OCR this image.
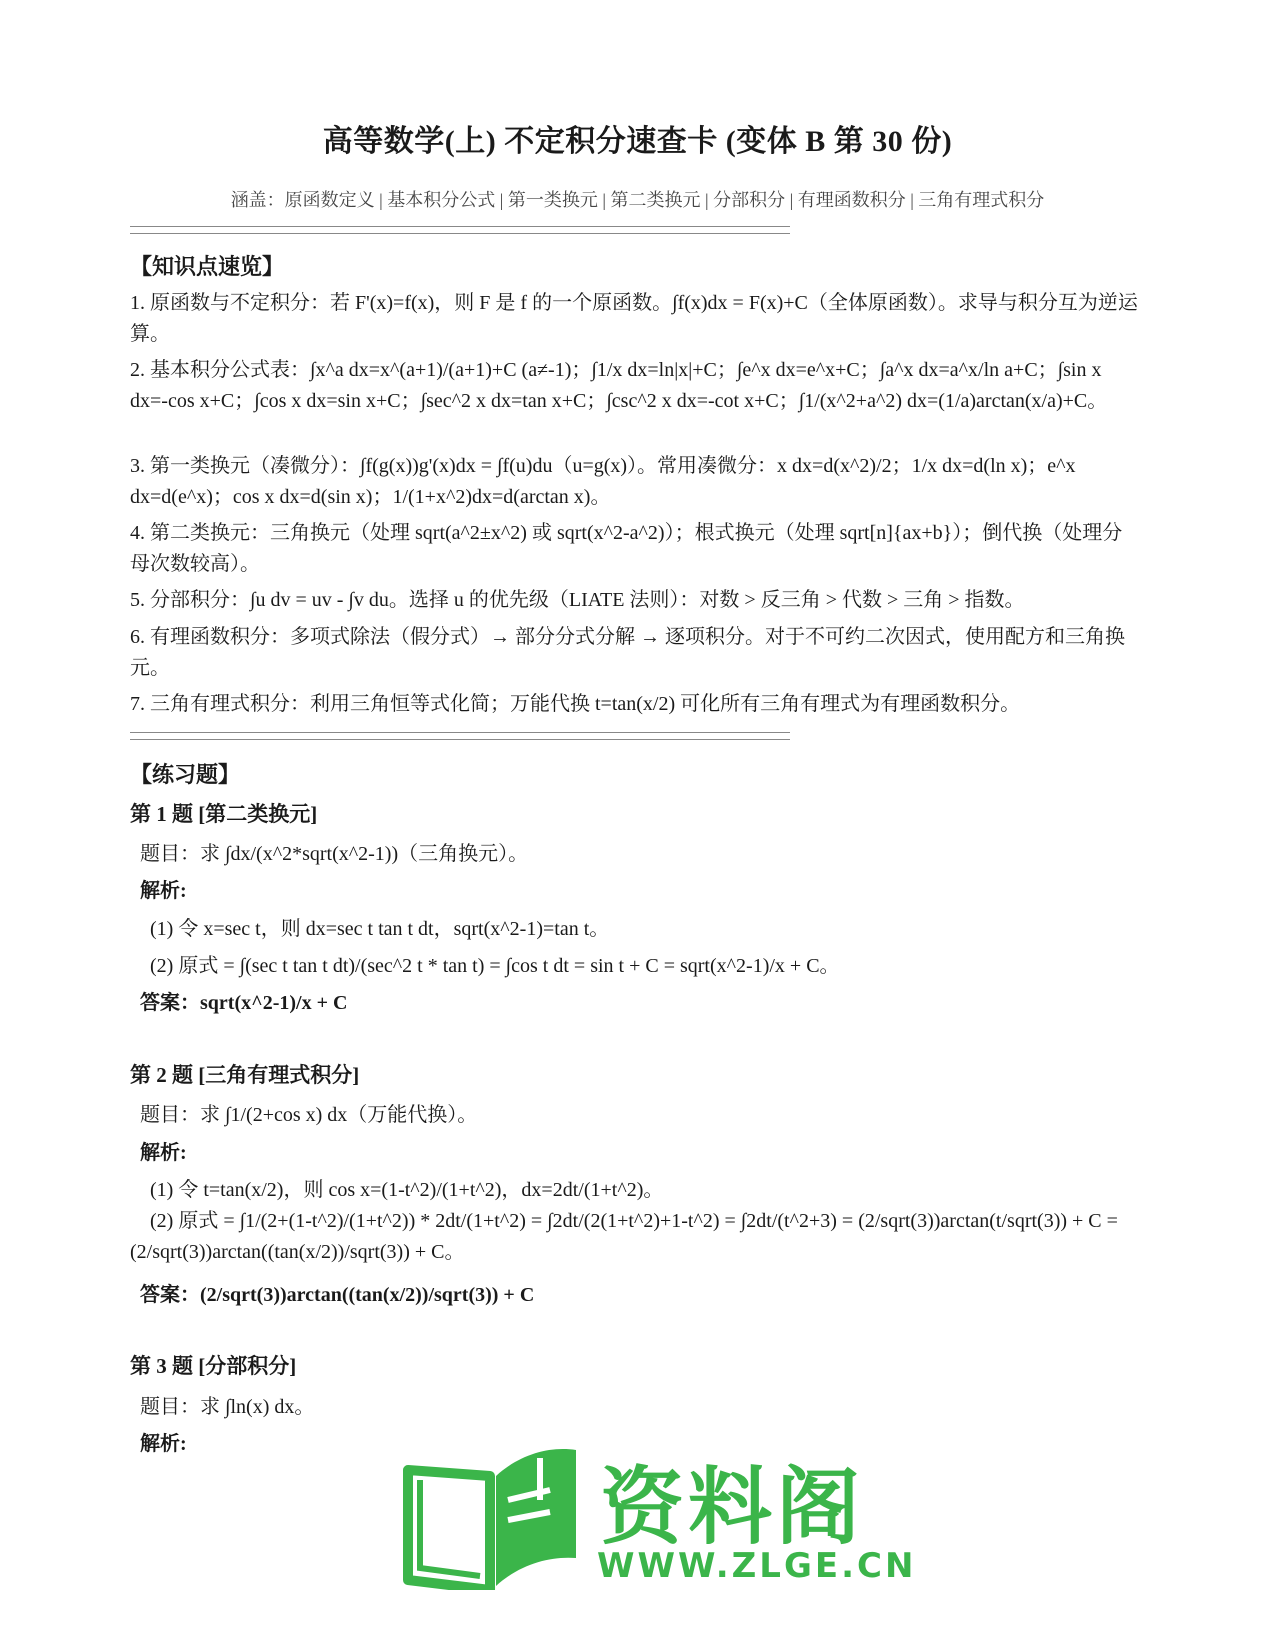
高等数学(上) 不定积分速查卡 (变体 B 第 30 份)
涵盖：原函数定义 | 基本积分公式 | 第一类换元 | 第二类换元 | 分部积分 | 有理函数积分 | 三角有理式积分
【知识点速览】
1. 原函数与不定积分：若 F'(x)=f(x)，则 F 是 f 的一个原函数。∫f(x)dx = F(x)+C（全体原函数）。求导与积分互为逆运算。
2. 基本积分公式表：∫x^a dx=x^(a+1)/(a+1)+C (a≠-1)；∫1/x dx=ln|x|+C；∫e^x dx=e^x+C；∫a^x dx=a^x/ln a+C；∫sin x dx=-cos x+C；∫cos x dx=sin x+C；∫sec^2 x dx=tan x+C；∫csc^2 x dx=-cot x+C；∫1/(x^2+a^2) dx=(1/a)arctan(x/a)+C。
3. 第一类换元（凑微分）：∫f(g(x))g'(x)dx = ∫f(u)du（u=g(x)）。常用凑微分：x dx=d(x^2)/2；1/x dx=d(ln x)；e^x dx=d(e^x)；cos x dx=d(sin x)；1/(1+x^2)dx=d(arctan x)。
4. 第二类换元：三角换元（处理 sqrt(a^2±x^2) 或 sqrt(x^2-a^2)）；根式换元（处理 sqrt[n]{ax+b}）；倒代换（处理分母次数较高）。
5. 分部积分：∫u dv = uv - ∫v du。选择 u 的优先级（LIATE 法则）：对数 > 反三角 > 代数 > 三角 > 指数。
6. 有理函数积分：多项式除法（假分式）→ 部分分式分解 → 逐项积分。对于不可约二次因式，使用配方和三角换元。
7. 三角有理式积分：利用三角恒等式化简；万能代换 t=tan(x/2) 可化所有三角有理式为有理函数积分。
【练习题】
第 1 题 [第二类换元]
题目：求 ∫dx/(x^2*sqrt(x^2-1))（三角换元）。
解析:
(1) 令 x=sec t，则 dx=sec t tan t dt，sqrt(x^2-1)=tan t。
(2) 原式 = ∫(sec t tan t dt)/(sec^2 t * tan t) = ∫cos t dt = sin t + C = sqrt(x^2-1)/x + C。
答案：sqrt(x^2-1)/x + C
第 2 题 [三角有理式积分]
题目：求 ∫1/(2+cos x) dx（万能代换）。
解析:
(1) 令 t=tan(x/2)，则 cos x=(1-t^2)/(1+t^2)，dx=2dt/(1+t^2)。
(2) 原式 = ∫1/(2+(1-t^2)/(1+t^2)) * 2dt/(1+t^2) = ∫2dt/(2(1+t^2)+1-t^2) = ∫2dt/(t^2+3) = (2/sqrt(3))arctan(t/sqrt(3)) + C = (2/sqrt(3))arctan((tan(x/2))/sqrt(3)) + C。
答案：(2/sqrt(3))arctan((tan(x/2))/sqrt(3)) + C
第 3 题 [分部积分]
题目：求 ∫ln(x) dx。
解析:
资料阁
WWW.ZLGE.CN
